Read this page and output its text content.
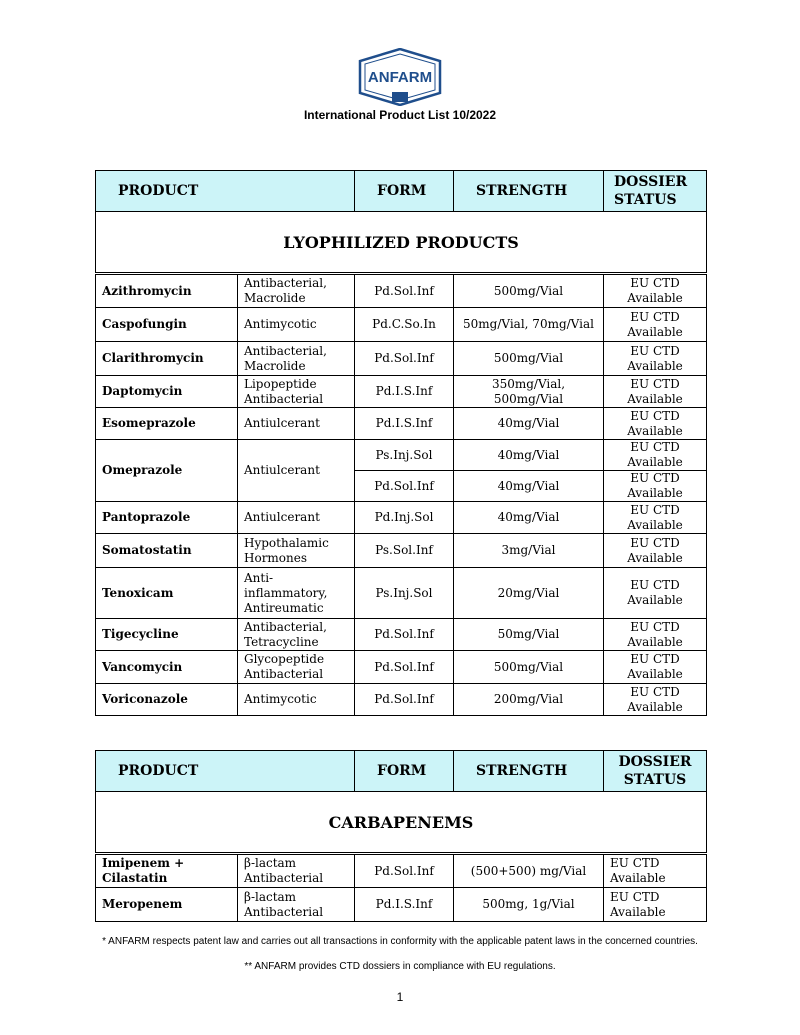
ANFARM
International Product List 10/2022
PRODUCT		FORM	STRENGTH	DOSSIER STATUS
LYOPHILIZED PRODUCTS				
Azithromycin	Antibacterial, Macrolide	Pd.Sol.Inf	500mg/Vial	EU CTD Available
Caspofungin	Antimycotic	Pd.C.So.In	50mg/Vial, 70mg/Vial	EU CTD Available
Clarithromycin	Antibacterial, Macrolide	Pd.Sol.Inf	500mg/Vial	EU CTD Available
Daptomycin	Lipopeptide Antibacterial	Pd.I.S.Inf	350mg/Vial, 500mg/Vial	EU CTD Available
Esomeprazole	Antiulcerant	Pd.I.S.Inf	40mg/Vial	EU CTD Available
Omeprazole	Antiulcerant	Ps.Inj.Sol	40mg/Vial	EU CTD Available
		Pd.Sol.Inf	40mg/Vial	EU CTD Available
Pantoprazole	Antiulcerant	Pd.Inj.Sol	40mg/Vial	EU CTD Available
Somatostatin	Hypothalamic Hormones	Ps.Sol.Inf	3mg/Vial	EU CTD Available
Tenoxicam	Anti-inflammatory, Antireumatic	Ps.Inj.Sol	20mg/Vial	EU CTD Available
Tigecycline	Antibacterial, Tetracycline	Pd.Sol.Inf	50mg/Vial	EU CTD Available
Vancomycin	Glycopeptide Antibacterial	Pd.Sol.Inf	500mg/Vial	EU CTD Available
Voriconazole	Antimycotic	Pd.Sol.Inf	200mg/Vial	EU CTD Available
PRODUCT		FORM	STRENGTH	DOSSIER STATUS
CARBAPENEMS				
Imipenem + Cilastatin	β-lactam Antibacterial	Pd.Sol.Inf	(500+500) mg/Vial	EU CTD Available
Meropenem	β-lactam Antibacterial	Pd.I.S.Inf	500mg, 1g/Vial	EU CTD Available
* ANFARM respects patent law and carries out all transactions in conformity with the applicable patent laws in the concerned countries.
** ANFARM provides CTD dossiers in compliance with EU regulations.
1
